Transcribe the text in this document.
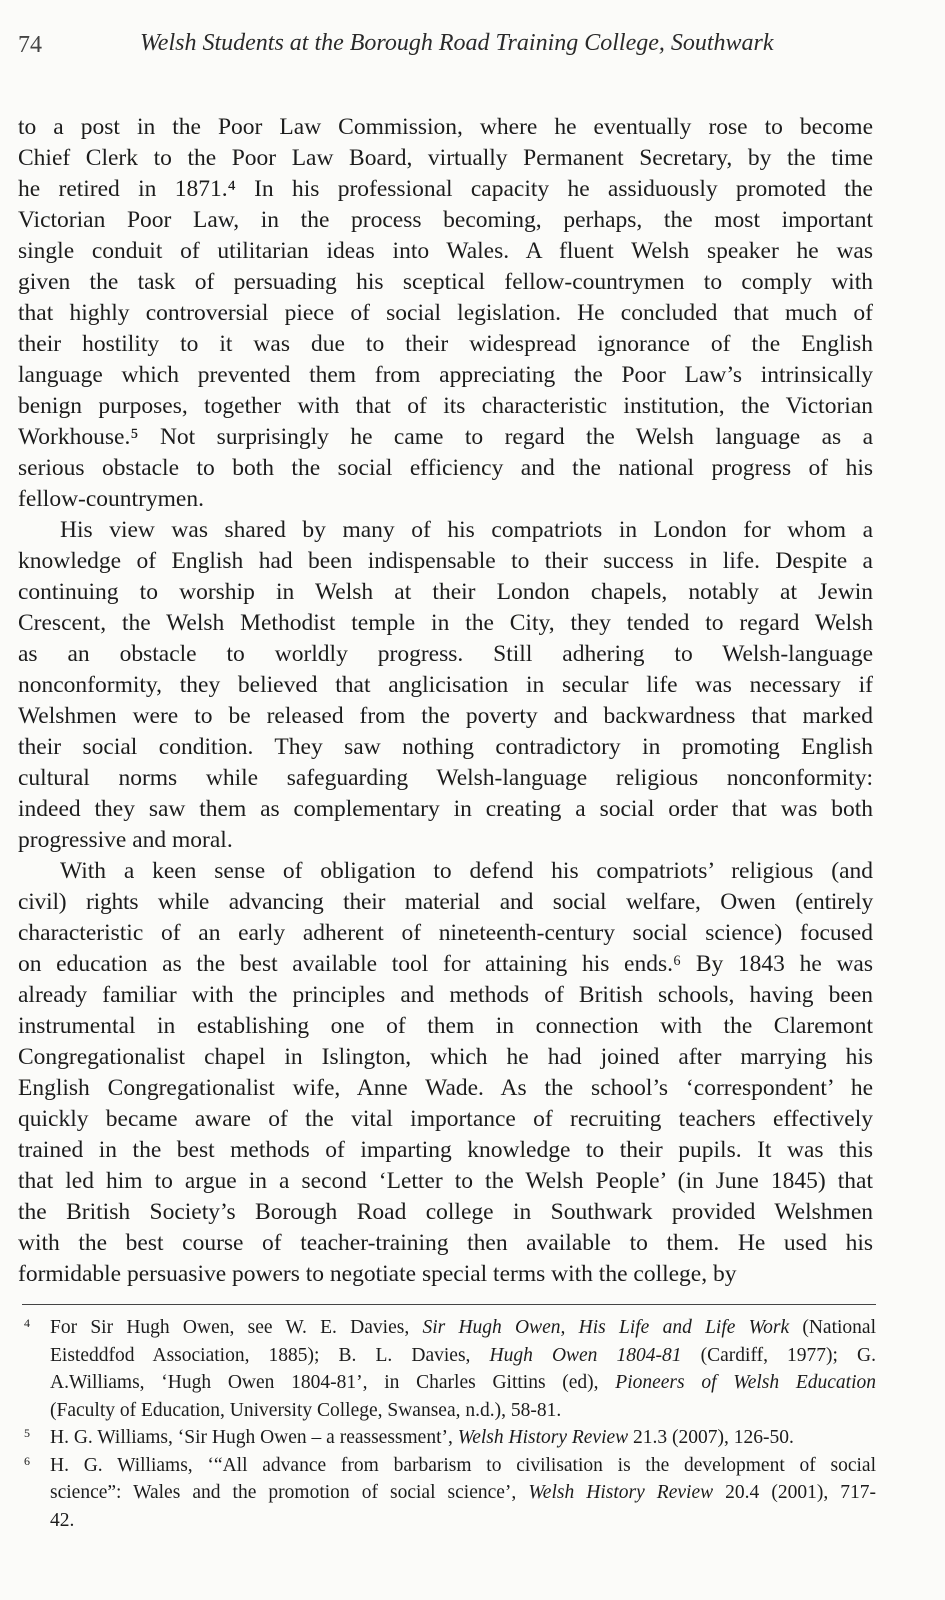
74	Welsh Students at the Borough Road Training College, Southwark
to a post in the Poor Law Commission, where he eventually rose to become
Chief Clerk to the Poor Law Board, virtually Permanent Secretary, by the time
he retired in 1871.⁴ In his professional capacity he assiduously promoted the
Victorian Poor Law, in the process becoming, perhaps, the most important
single conduit of utilitarian ideas into Wales. A fluent Welsh speaker he was
given the task of persuading his sceptical fellow-countrymen to comply with
that highly controversial piece of social legislation. He concluded that much of
their hostility to it was due to their widespread ignorance of the English
language which prevented them from appreciating the Poor Law’s intrinsically
benign purposes, together with that of its characteristic institution, the Victorian
Workhouse.⁵ Not surprisingly he came to regard the Welsh language as a
serious obstacle to both the social efficiency and the national progress of his
fellow-countrymen.
His view was shared by many of his compatriots in London for whom a
knowledge of English had been indispensable to their success in life. Despite a
continuing to worship in Welsh at their London chapels, notably at Jewin
Crescent, the Welsh Methodist temple in the City, they tended to regard Welsh
as an obstacle to worldly progress. Still adhering to Welsh-language
nonconformity, they believed that anglicisation in secular life was necessary if
Welshmen were to be released from the poverty and backwardness that marked
their social condition. They saw nothing contradictory in promoting English
cultural norms while safeguarding Welsh-language religious nonconformity:
indeed they saw them as complementary in creating a social order that was both
progressive and moral.
With a keen sense of obligation to defend his compatriots’ religious (and
civil) rights while advancing their material and social welfare, Owen (entirely
characteristic of an early adherent of nineteenth-century social science) focused
on education as the best available tool for attaining his ends.⁶ By 1843 he was
already familiar with the principles and methods of British schools, having been
instrumental in establishing one of them in connection with the Claremont
Congregationalist chapel in Islington, which he had joined after marrying his
English Congregationalist wife, Anne Wade. As the school’s ‘correspondent’ he
quickly became aware of the vital importance of recruiting teachers effectively
trained in the best methods of imparting knowledge to their pupils. It was this
that led him to argue in a second ‘Letter to the Welsh People’ (in June 1845) that
the British Society’s Borough Road college in Southwark provided Welshmen
with the best course of teacher-training then available to them. He used his
formidable persuasive powers to negotiate special terms with the college, by
4 For Sir Hugh Owen, see W. E. Davies, Sir Hugh Owen, His Life and Life Work (National
Eisteddfod Association, 1885); B. L. Davies, Hugh Owen 1804-81 (Cardiff, 1977); G.
A.Williams, ‘Hugh Owen 1804-81’, in Charles Gittins (ed), Pioneers of Welsh Education
(Faculty of Education, University College, Swansea, n.d.), 58-81.
5 H. G. Williams, ‘Sir Hugh Owen – a reassessment’, Welsh History Review 21.3 (2007), 126-50.
6 H. G. Williams, ‘“All advance from barbarism to civilisation is the development of social
science”: Wales and the promotion of social science’, Welsh History Review 20.4 (2001), 717-
42.
